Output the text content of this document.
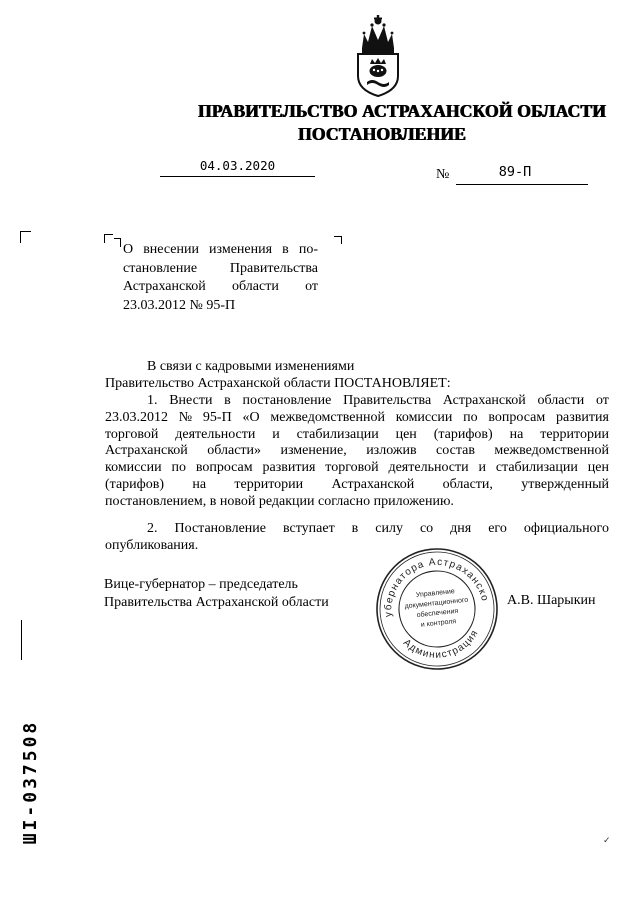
ПРАВИТЕЛЬСТВО АСТРАХАНСКОЙ ОБЛАСТИ
ПОСТАНОВЛЕНИЕ
04.03.2020
№	89-П
О внесении изменения в по-
становление Правительства
Астраханской области от
23.03.2012 № 95-П
В связи с кадровыми изменениями
Правительство Астраханской области ПОСТАНОВЛЯЕТ:
1. Внести в постановление Правительства Астраханской области от
23.03.2012 № 95-П «О межведомственной комиссии по вопросам развития
торговой деятельности и стабилизации цен (тарифов) на территории
Астраханской области» изменение, изложив состав межведомственной
комиссии по вопросам развития торговой деятельности и стабилизации цен
(тарифов) на территории Астраханской области, утвержденный
постановлением, в новой редакции согласно приложению.
2. Постановление вступает в силу со дня его официального
опубликования.
Вице-губернатор – председатель
Правительства Астраханской области	А.В. Шарыкин
Губернатора Астраханской
Администрация
Управление
документационного
обеспечения
и контроля
ШI-037508	✓
